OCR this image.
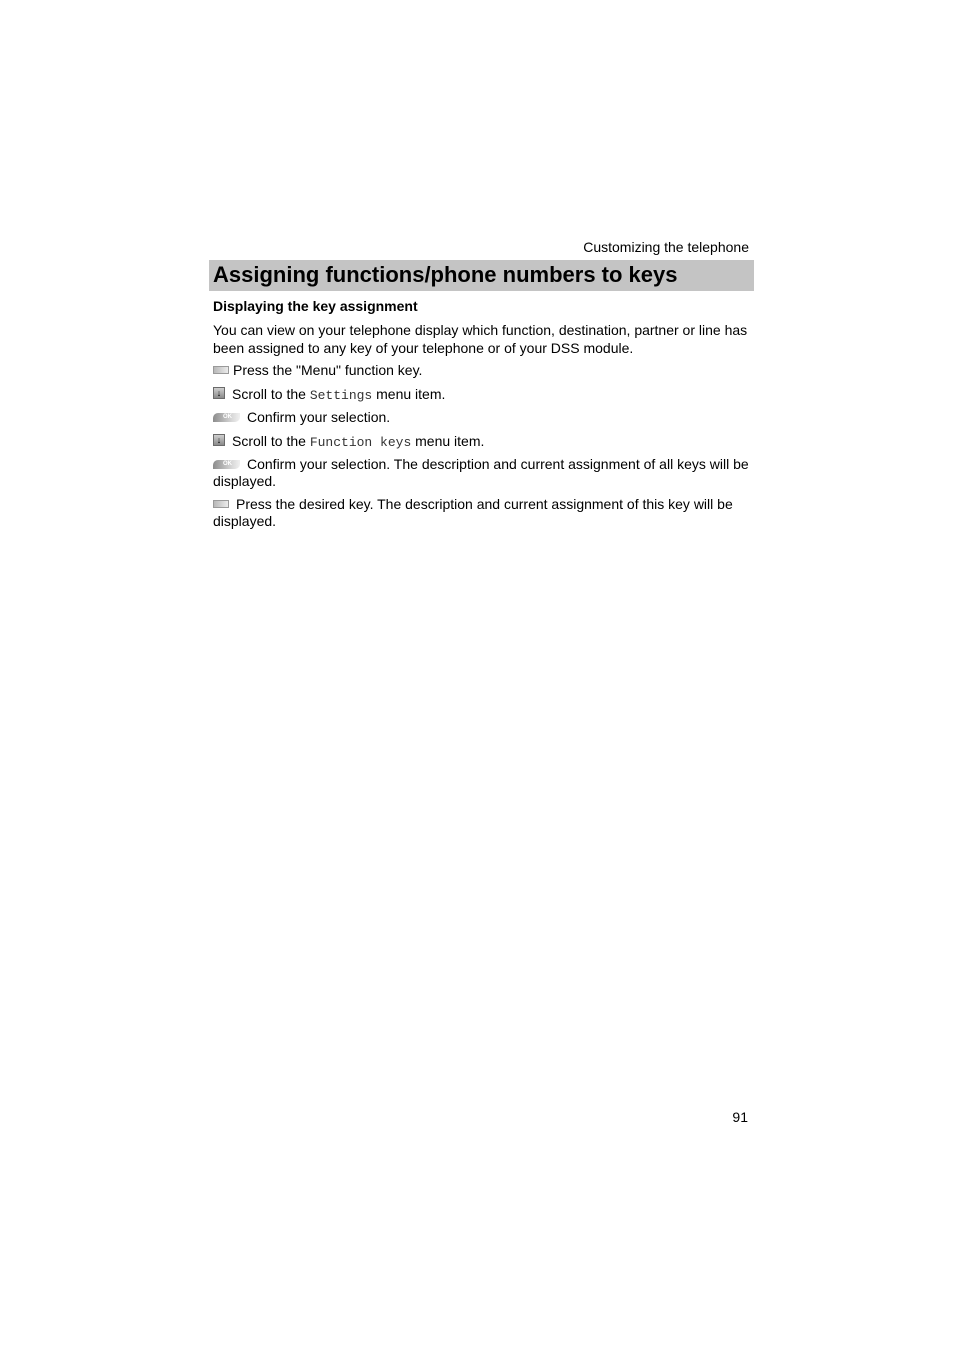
Customizing the telephone
Assigning functions/phone numbers to keys
Displaying the key assignment
You can view on your telephone display which function, destination, partner or line has been assigned to any key of your telephone or of your DSS module.
Press the "Menu" function key.
↓ Scroll to the Settings menu item.
OK Confirm your selection.
↓ Scroll to the Function keys menu item.
OK Confirm your selection. The description and current assignment of all keys will be displayed.
Press the desired key. The description and current assignment of this key will be displayed.
91
